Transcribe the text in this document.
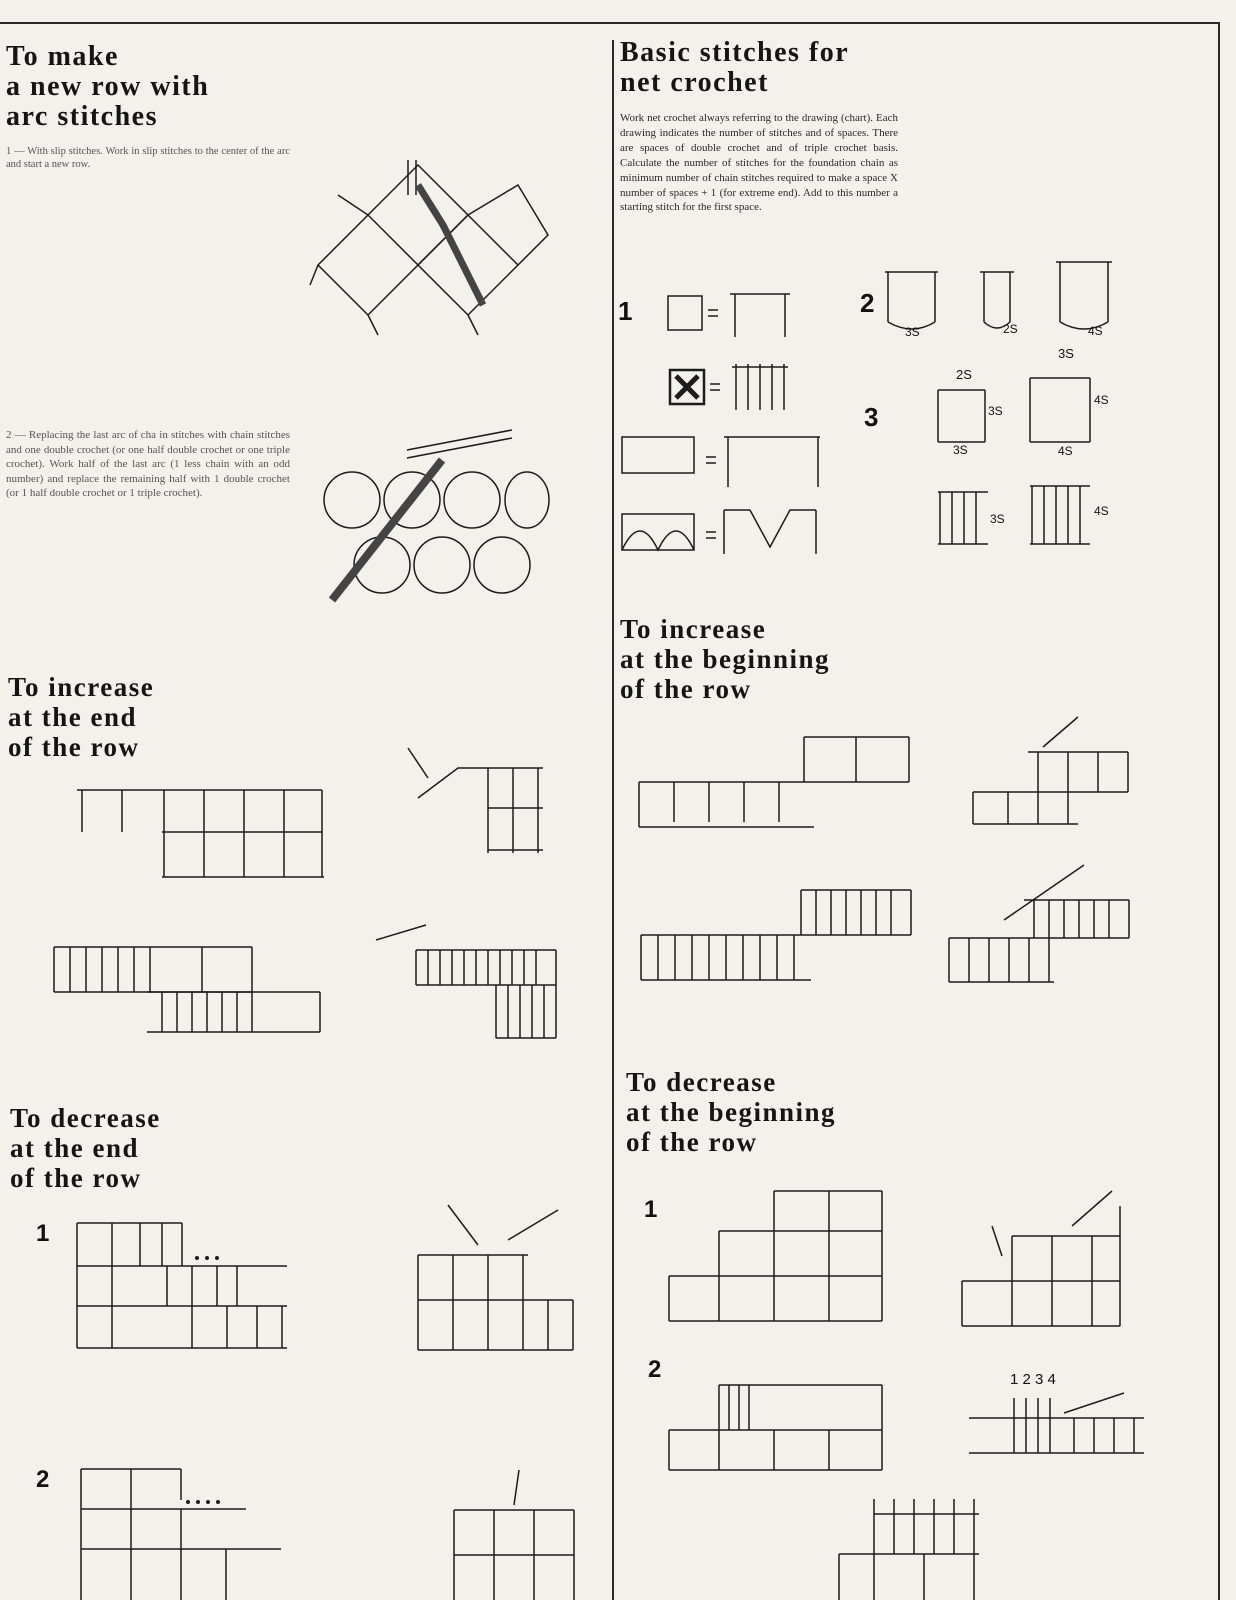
To make
a new row with
arc stitches

1 — With slip stitches. Work in slip stitches to the center of the arc and start a new row.

2 — Replacing the last arc of cha in stitches with chain stitches and one double crochet (or one half double crochet or one triple crochet). Work half of the last arc (1 less chain with an odd number) and replace the remaining half with 1 double crochet (or 1 half double crochet or 1 triple crochet).

To increase
at the end
of the row
To decrease
at the end
of the row
1
2
Basic stitches for
net crochet

Work net crochet always referring to the drawing (chart). Each drawing indicates the number of stitches and of spaces. There are spaces of double crochet and of triple crochet basis. Calculate the number of stitches for the foundation chain as minimum number of chain stitches required to make a space X number of spaces + 1 (for extreme end). Add to this number a starting stitch for the first space.

1	2
3S	2S	4S
3
2S
3S
3S
3S
4S
4S
3S
4S
To increase
at the beginning
of the row
To decrease
at the beginning
of the row
1
2	1 2 3 4
